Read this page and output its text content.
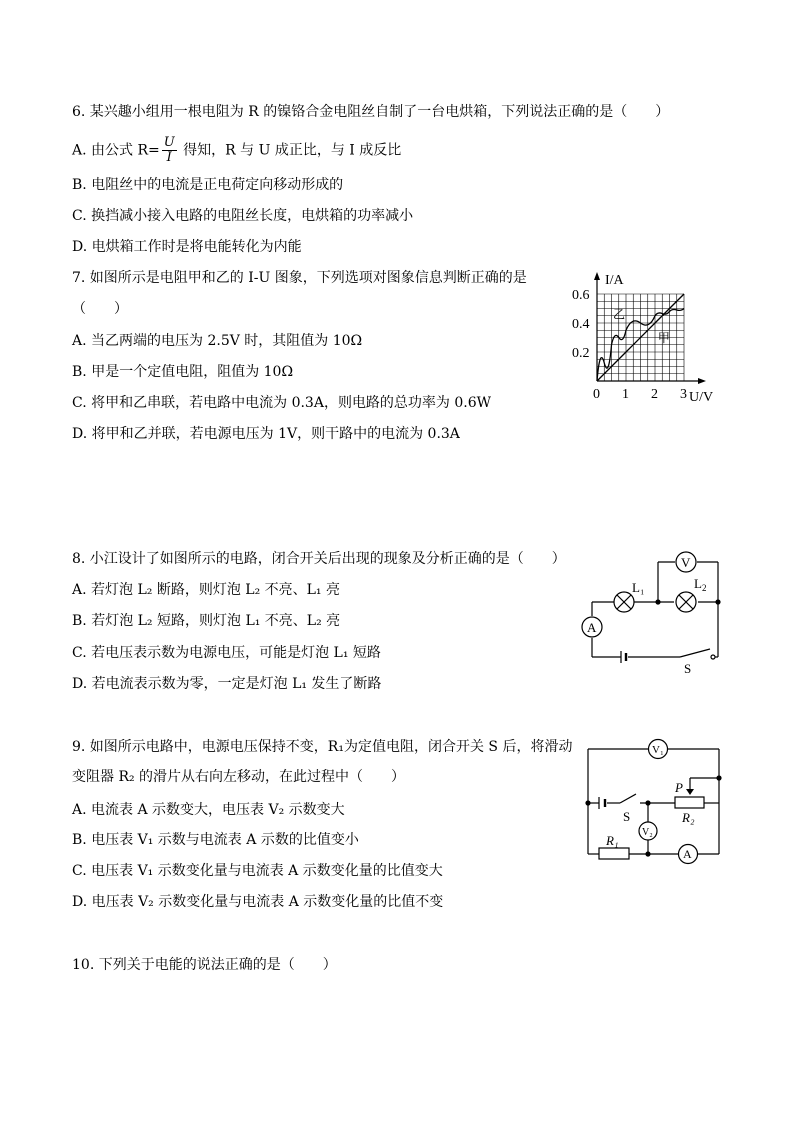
6. 某兴趣小组用一根电阻为 R 的镍铬合金电阻丝自制了一台电烘箱，下列说法正确的是（　　）
A. 由公式 $R= \frac{U}{I}$ 得知，R 与 U 成正比，与 I 成反比
B. 电阻丝中的电流是正电荷定向移动形成的
C. 换挡减小接入电路的电阻丝长度，电烘箱的功率减小
D. 电烘箱工作时是将电能转化为内能
7. 如图所示是电阻甲和乙的 I-U 图象，下列选项对图象信息判断正确的是
（　　）
A. 当乙两端的电压为 2.5V 时，其阻值为 10Ω
B. 甲是一个定值电阻，阻值为 10Ω
C. 将甲和乙串联，若电路中电流为 0.3A，则电路的总功率为 0.6W
D. 将甲和乙并联，若电源电压为 1V，则干路中的电流为 0.3A
甲
乙
0.2
0.4
0.6
0 1 2 3 U/V
I/A
8. 小江设计了如图所示的电路，闭合开关后出现的现象及分析正确的是（　　）
A. 若灯泡 L₂ 断路，则灯泡 L₂ 不亮、L₁ 亮
B. 若灯泡 L₂ 短路，则灯泡 L₁ 不亮、L₂ 亮
C. 若电压表示数为电源电压，可能是灯泡 L₁ 短路
D. 若电流表示数为零，一定是灯泡 L₁ 发生了断路
V
A
L₁	$L_2$
S
9. 如图所示电路中，电源电压保持不变，R₁为定值电阻，闭合开关 S 后，将滑动
变阻器 R₂ 的滑片从右向左移动，在此过程中（　　）
A. 电流表 A 示数变大，电压表 V₂ 示数变大
B. 电压表 V₁ 示数与电流表 A 示数的比值变小
C. 电压表 V₁ 示数变化量与电流表 A 示数变化量的比值变大
D. 电压表 V₂ 示数变化量与电流表 A 示数变化量的比值不变
V₁
V₂
A
P
R₂
S
R₁
10. 下列关于电能的说法正确的是（　　）
